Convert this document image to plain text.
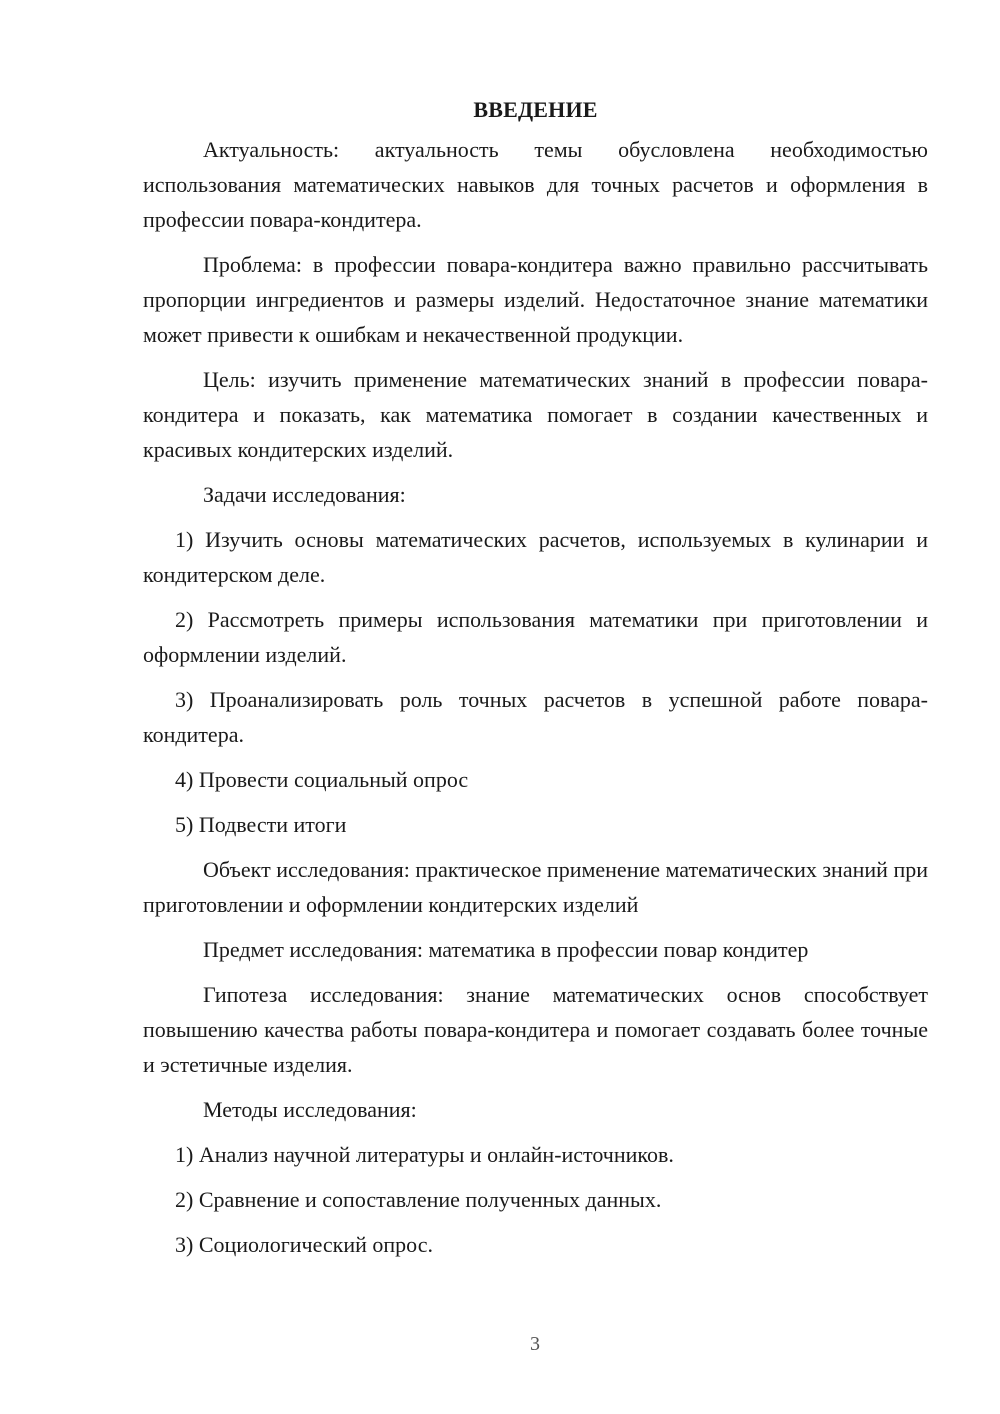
ВВЕДЕНИЕ

Актуальность: актуальность темы обусловлена необходимостью использования математических навыков для точных расчетов и оформления в профессии повара-кондитера.

Проблема: в профессии повара-кондитера важно правильно рассчитывать пропорции ингредиентов и размеры изделий. Недостаточное знание математики может привести к ошибкам и некачественной продукции.

Цель: изучить применение математических знаний в профессии повара-кондитера и показать, как математика помогает в создании качественных и красивых кондитерских изделий.

Задачи исследования:

1) Изучить основы математических расчетов, используемых в кулинарии и кондитерском деле.

2) Рассмотреть примеры использования математики при приготовлении и оформлении изделий.

3) Проанализировать роль точных расчетов в успешной работе повара-кондитера.

4) Провести социальный опрос

5) Подвести итоги

Объект исследования: практическое применение математических знаний при приготовлении и оформлении кондитерских изделий

Предмет исследования: математика в профессии повар кондитер

Гипотеза исследования: знание математических основ способствует повышению качества работы повара-кондитера и помогает создавать более точные и эстетичные изделия.

Методы исследования:

1) Анализ научной литературы и онлайн-источников.

2) Сравнение и сопоставление полученных данных.

3) Социологический опрос.

3
